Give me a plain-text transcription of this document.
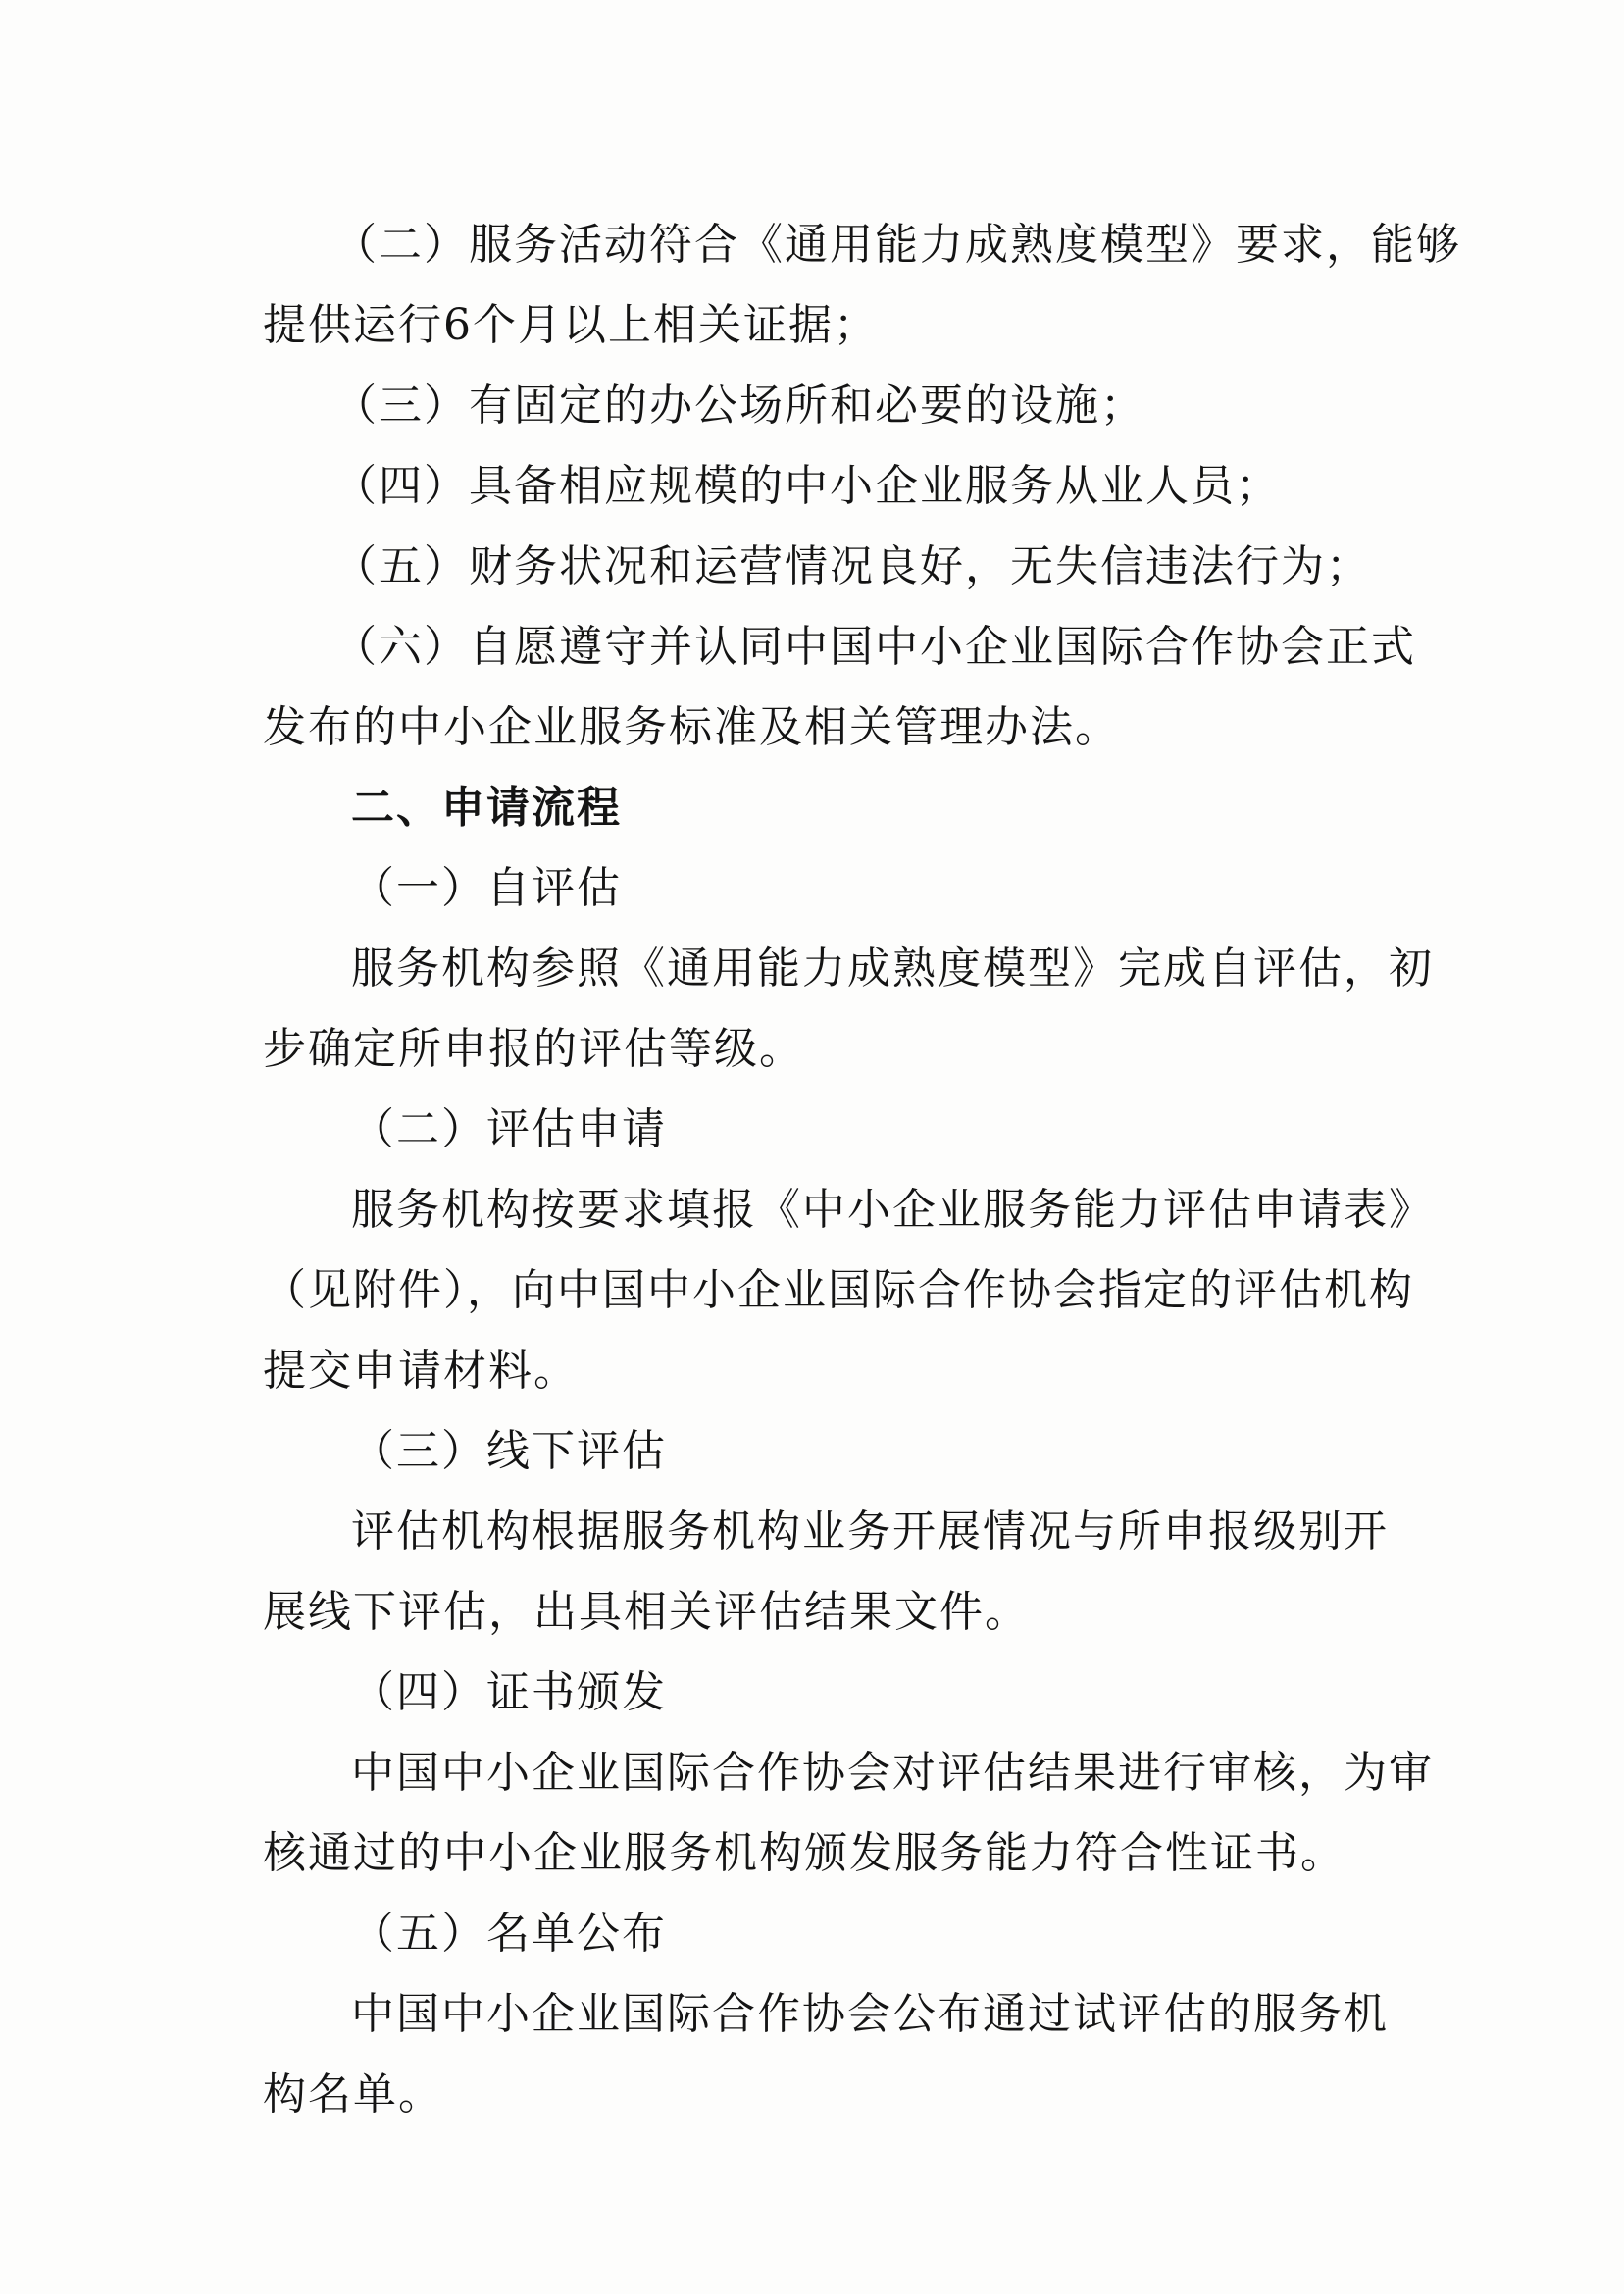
（二）服务活动符合《通用能力成熟度模型》要求，能够
提供运行6个月以上相关证据；
（三）有固定的办公场所和必要的设施；
（四）具备相应规模的中小企业服务从业人员；
（五）财务状况和运营情况良好，无失信违法行为；
（六）自愿遵守并认同中国中小企业国际合作协会正式
发布的中小企业服务标准及相关管理办法。
二、申请流程
（一）自评估
服务机构参照《通用能力成熟度模型》完成自评估，初
步确定所申报的评估等级。
（二）评估申请
服务机构按要求填报《中小企业服务能力评估申请表》
（见附件），向中国中小企业国际合作协会指定的评估机构
提交申请材料。
（三）线下评估
评估机构根据服务机构业务开展情况与所申报级别开
展线下评估，出具相关评估结果文件。
（四）证书颁发
中国中小企业国际合作协会对评估结果进行审核，为审
核通过的中小企业服务机构颁发服务能力符合性证书。
（五）名单公布
中国中小企业国际合作协会公布通过试评估的服务机
构名单。
